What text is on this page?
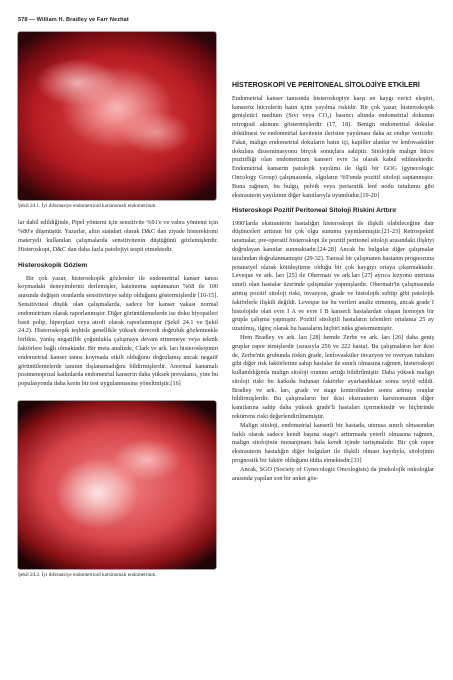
578 — William H. Bradley ve Farr Nezhat
Şekil 24.1. İyi diferansiye endometrioid karsinomalı endometrium.

lar dahil edildiğinde, Pipel yöntemi için sensitivite %91'e ve vabra yöntemi için %80'e düşmüştür. Yazarlar, altın standart olarak D&C dan ziyade histerektomi materyeli kullanılan çalışmalarda sensitivitenin düştüğünü gözlemişlerdir. Histeroskopi, D&C dan daha fazla patolojiyi tespit etmektedir.

Histeroskopik Gözlem

Bir çok yazar, histeroskopik gözlemler ile endometrial kanser tanısı koymadaki deneyimlerini derlemişler, katsinoma saptamanın %68 ile 100 arasında değişen oranlarda sensitiviteye sahip olduğunu göstermişlerdir [10-15]. Sensitivitesi düşük olan çalışmalarda, sadece bir kanser vakası normal endometrium olarak raporlanmıştır. Diğer görüntülemelerde ise doku biyopsileri basit polip, hiperplazi veya atrofi olarak raporlanmıştır (Şekil 24.1 ve Şekil 24.2). Histeroskopik teşhisle genellikle yüksek derecedi doğruluk gözlenmekle birlikte, yanlış negatiflik çoğunlukla çalışmaya devam etmemeye veya teknik faktörlere bağlı olmaktadır. Bir meta analizde, Clark ve ark. ları histeroskopinin endometrial kanser tanısı koymada etkili olduğunu doğrulamış ancak negatif görüntülemelerde tanının dışlanamadığını bildirmişlerdir. Anormal kanamalı postmenopozal kadınlarda endometrial kanserin daha yüksek prevalansı, yine bu populasyonda daha kesin bir test uygulanmasına yöneltmiştir.[16]

Şekil 24.2. İyi diferansiye endometrioid karsinomalı endometrium.
HİSTEROSKOPİ VE PERİTONEAL SİTOLOJİYE ETKİLERİ

Endometrial kanser tanısında histeroskopiye karşı en kaygı verici eleştiri, kanseröz hücrelerin batın içine yayılma riskidir. Bir çok yazar, histeroskopik genişletici medium (Sıvı veya CO₂) basıncı altında endometrial dokunun retrograd akımını göstermişlerdir (17, 18). Benign endometrial dokular dökülmesi ve endometrial kavitenin ilerisine yayılması daha az endişe vericidir. Fakat, malign endometrial dokuların batın içi, kapiller alanlar ve lenfovasküler dokulara disseminasyonu birçok sonuçlara sahiptir. Sitolojide malign hücre pozitifliği olan endometrium kanseri evre 3a olarak kabul edilmektedir. Endometrial kanserin patolojik yayılımı ile ilgili bir GOG (gynecologic Oncology Group) çalışmasında, olguların %9'unda pozitif sitoloji saptanmıştır. Buna rağmen, bu bulgu, pelvik veya periaortik lenf nodu tutulumu gibi ekstrauterin yayılımın diğer kanıtlarıyla uyumludur.[19-20]

Histeroskopi Pozitif Peritoneal Sitoloji Riskini Arttırır

1990'larda ekstrauterin hastalığın histeroskopi ile ilişkili olabileceğine dair düşünceleri arttıran bir çok olgu sunumu yayınlanmıştır.[21-23] Retrospektif taramalar, pre-operatif histeroskopi ile pozitif peritonel sitoloji arasındaki ilişkiyi doğrulayan kanıtlar sunmaktadır.[24-28] Ancak bu bulgular diğer çalışmalar tarafından doğrulanmamıştır (29-32). Tanısal bir çalışmanın hastanın prognozuna potansiyel olarak kötüleştirme olduğu bir çok kaygıyı ortaya çıkarmaktadır. Leveque ve ark. ları [25] ile Obermair ve ark.ları [27] ayrıca lezyonu uterusta sınırlı olan hastalar üzerinde çalışmalar yapmışlardır. Obermair'in çalışmasında artmış pozitif sitoloji riski, invazyon, grade ve histolojik subtip gibi patolojik faktörlerle ilişkili değildi. Leveque ise bu verileri analiz etmemiş, ancak grade I histolojide olan evre I A ve evre I B kanserli hastalardan oluşan homojen bir grupla çalışma yapmıştır. Pozitif sitolojili hastaların izlemleri ortalama 25 ay uzatılmış, ilginç olarak bu hastaların hiçbiri nüks göstermemiştir.

Hem Bradley ve ark. ları [28] hemde Zerbe ve ark. ları [26] daha geniş gruplar rapor etmişlerdir (sırasıyla 256 ve 222 hasta). Bu çalışmaların her ikisi de, Zerbe'nin grubunda riskin grade, lenfovasküler invazyon ve overyan tutulum gibi diğer risk faktörlerine sahip hastalar ile sınırlı olmasına rağmen, histeroskopi kullanıldığında malign sitoloji oranını arttığı bildirilmiştir. Daha yüksek malign sitoloji riski bu katkıda bulunan faktörler ayarlandıktan sonra teyid edildi. Bradley ve ark. ları, grade ve stage kontrolünden sonra artmış oranlar bildirmişlerdir. Bu çalışmaların her ikisi ekstrauterin karsinomanın diğer kanıtlarına sahip daha yüksek grade'li hastaları içermektedir ve hiçbirinde rekürrens riski değerlendirilmemiştir.

Malign sitoloji, endometrial kanserli bir hastada, uterusa sınırlı olmasından farklı olarak sadece kendi başına stage'i arttırmada yeterli olmasına rağmen, malign sitolojinin menanjmanı hala kendi içinde tartışmalıdır. Bir çok rapor ekstrauterin hastalığın diğer bulguları ile ilişkili olması kaydıyla, sitolojinin prognostik bir faktör olduğunu iddia etmektedir.[33]

Ancak, SGO (Society of Gynecologic Oncologists) da jinekolojik onkologlar arasında yapılan son bir anket gös-
